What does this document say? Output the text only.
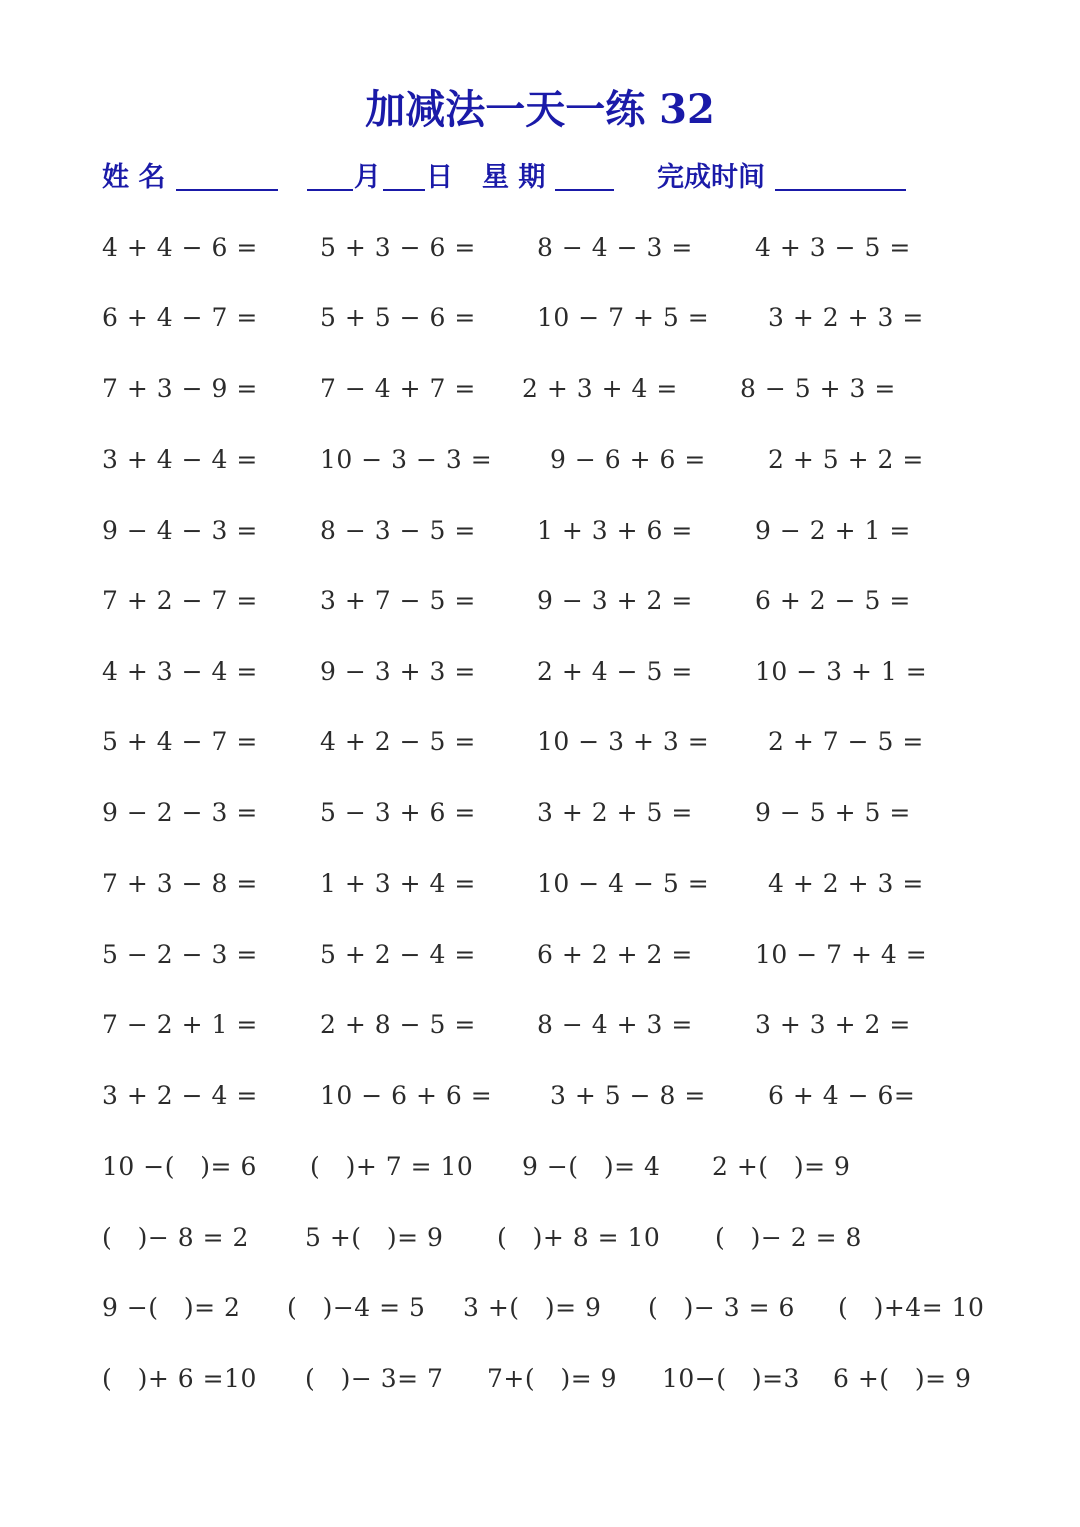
加减法一天一练 32
姓 名	月 日 星 期	完成时间
4 + 4 − 6 = 5 + 3 − 6 = 8 − 4 − 3 = 4 + 3 − 5 =
6 + 4 − 7 = 5 + 5 − 6 = 10 − 7 + 5 = 3 + 2 + 3 =
7 + 3 − 9 = 7 − 4 + 7 = 2 + 3 + 4 = 8 − 5 + 3 =
3 + 4 − 4 = 10 − 3 − 3 = 9 − 6 + 6 = 2 + 5 + 2 =
9 − 4 − 3 = 8 − 3 − 5 = 1 + 3 + 6 = 9 − 2 + 1 =
7 + 2 − 7 = 3 + 7 − 5 = 9 − 3 + 2 = 6 + 2 − 5 =
4 + 3 − 4 = 9 − 3 + 3 = 2 + 4 − 5 = 10 − 3 + 1 =
5 + 4 − 7 = 4 + 2 − 5 = 10 − 3 + 3 = 2 + 7 − 5 =
9 − 2 − 3 = 5 − 3 + 6 = 3 + 2 + 5 = 9 − 5 + 5 =
7 + 3 − 8 = 1 + 3 + 4 = 10 − 4 − 5 = 4 + 2 + 3 =
5 − 2 − 3 = 5 + 2 − 4 = 6 + 2 + 2 = 10 − 7 + 4 =
7 − 2 + 1 = 2 + 8 − 5 = 8 − 4 + 3 = 3 + 3 + 2 =
3 + 2 − 4 = 10 − 6 + 6 = 3 + 5 − 8 = 6 + 4 − 6=
10 −(   )= 6 (   )+ 7 = 10 9 −(   )= 4 2 +(   )= 9
(   )− 8 = 2 5 +(   )= 9 (   )+ 8 = 10 (   )− 2 = 8
9 −(   )= 2 (   )−4 = 5 3 +(   )= 9 (   )− 3 = 6 (   )+4= 10
(   )+ 6 =10 (   )− 3= 7 7+(   )= 9 10−(   )=3 6 +(   )= 9
